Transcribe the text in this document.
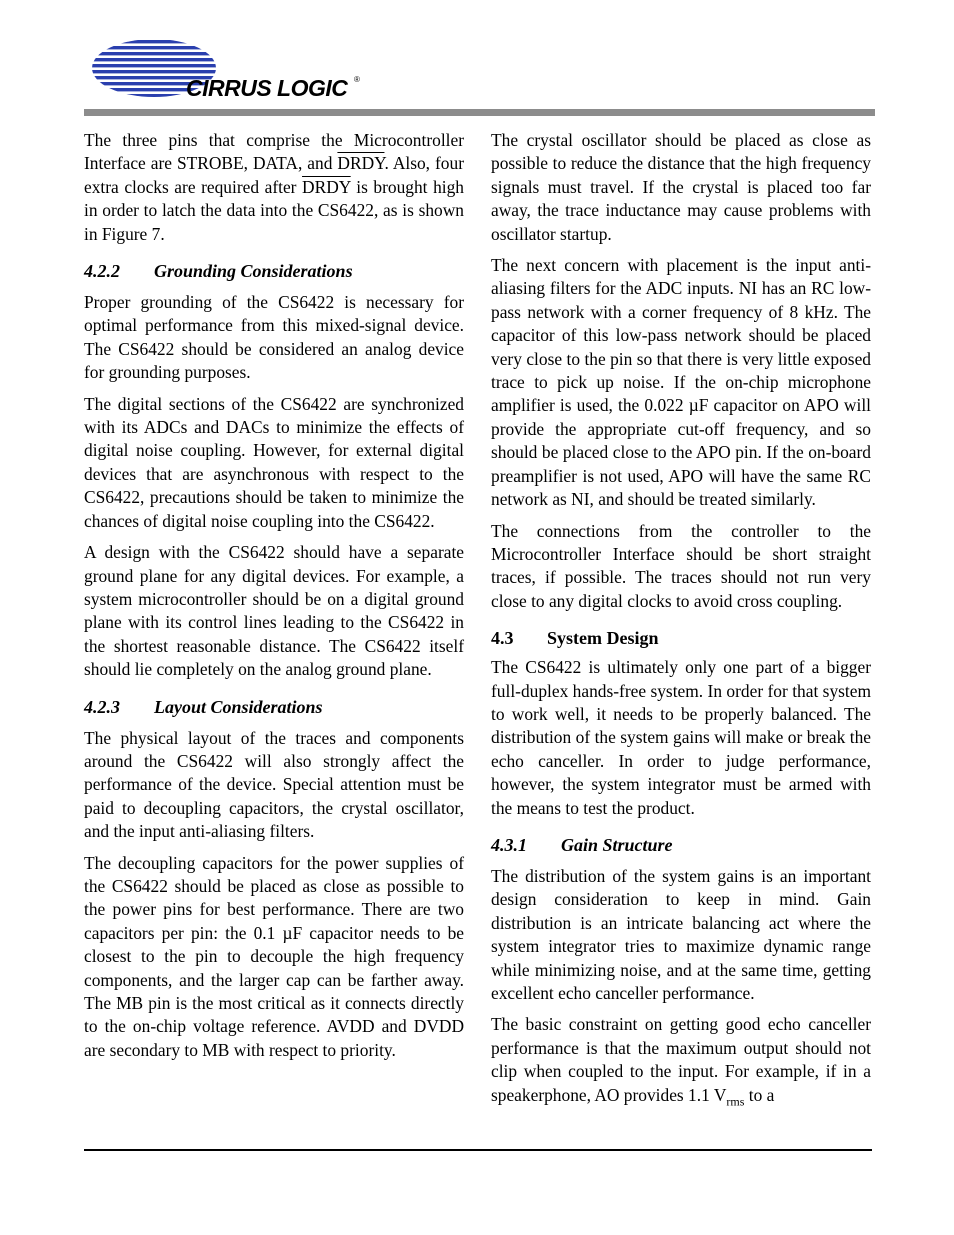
CIRRUS LOGIC ®

The three pins that comprise the Microcontroller Interface are STROBE, DATA, and DRDY. Also, four extra clocks are required after DRDY is brought high in order to latch the data into the CS6422, as is shown in Figure 7.

4.2.2 Grounding Considerations

Proper grounding of the CS6422 is necessary for optimal performance from this mixed-signal device. The CS6422 should be considered an analog device for grounding purposes.

The digital sections of the CS6422 are synchronized with its ADCs and DACs to minimize the effects of digital noise coupling. However, for external digital devices that are asynchronous with respect to the CS6422, precautions should be taken to minimize the chances of digital noise coupling into the CS6422.

A design with the CS6422 should have a separate ground plane for any digital devices. For example, a system microcontroller should be on a digital ground plane with its control lines leading to the CS6422 in the shortest reasonable distance. The CS6422 itself should lie completely on the analog ground plane.

4.2.3 Layout Considerations

The physical layout of the traces and components around the CS6422 will also strongly affect the performance of the device. Special attention must be paid to decoupling capacitors, the crystal oscillator, and the input anti-aliasing filters.

The decoupling capacitors for the power supplies of the CS6422 should be placed as close as possible to the power pins for best performance. There are two capacitors per pin: the 0.1 µF capacitor needs to be closest to the pin to decouple the high frequency components, and the larger cap can be farther away. The MB pin is the most critical as it connects directly to the on-chip voltage reference. AVDD and DVDD are secondary to MB with respect to priority.

The crystal oscillator should be placed as close as possible to reduce the distance that the high frequency signals must travel. If the crystal is placed too far away, the trace inductance may cause problems with oscillator startup.

The next concern with placement is the input anti-aliasing filters for the ADC inputs. NI has an RC low-pass network with a corner frequency of 8 kHz. The capacitor of this low-pass network should be placed very close to the pin so that there is very little exposed trace to pick up noise. If the on-chip microphone amplifier is used, the 0.022 µF capacitor on APO will provide the appropriate cut-off frequency, and so should be placed close to the APO pin. If the on-board preamplifier is not used, APO will have the same RC network as NI, and should be treated similarly.

The connections from the controller to the Microcontroller Interface should be short straight traces, if possible. The traces should not run very close to any digital clocks to avoid cross coupling.

4.3 System Design

The CS6422 is ultimately only one part of a bigger full-duplex hands-free system. In order for that system to work well, it needs to be properly balanced. The distribution of the system gains will make or break the echo canceller. In order to judge performance, however, the system integrator must be armed with the means to test the product.

4.3.1 Gain Structure

The distribution of the system gains is an important design consideration to keep in mind. Gain distribution is an intricate balancing act where the system integrator tries to maximize dynamic range while minimizing noise, and at the same time, getting excellent echo canceller performance.

The basic constraint on getting good echo canceller performance is that the maximum output should not clip when coupled to the input. For example, if in a speakerphone, AO provides 1.1 $V_{rms}$ to a
